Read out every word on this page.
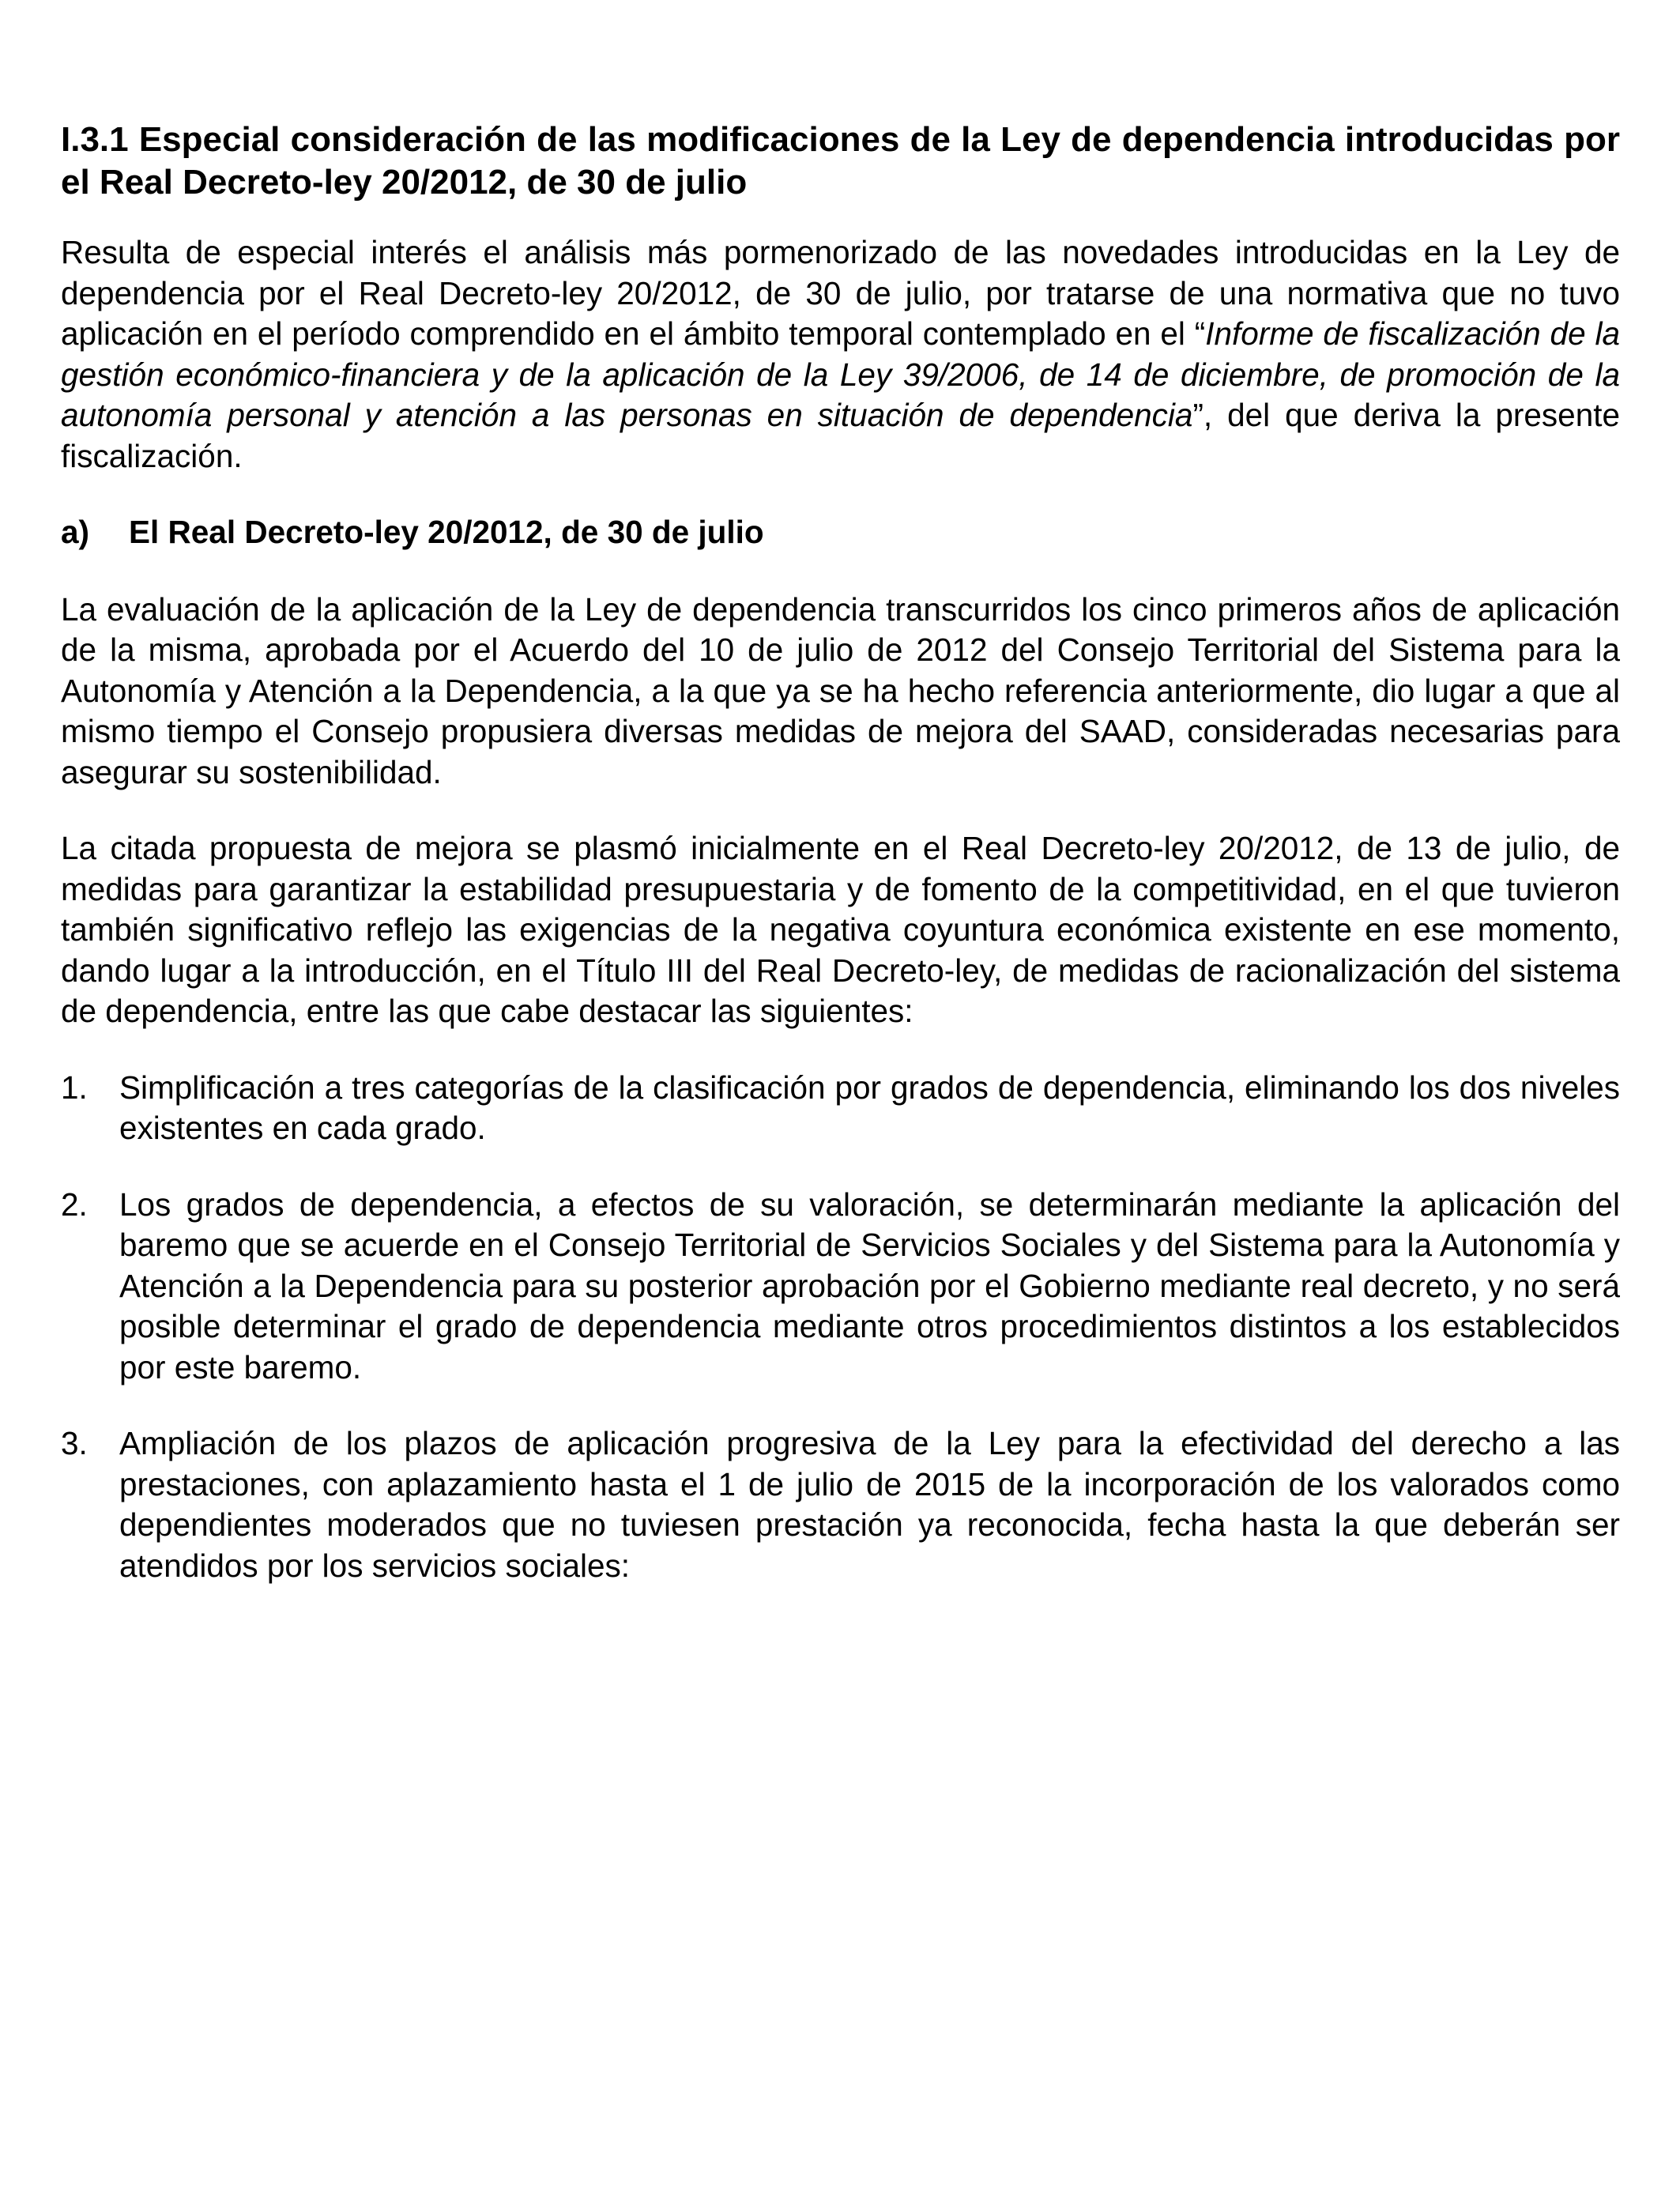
I.3.1 Especial consideración de las modificaciones de la Ley de dependencia introducidas por el Real Decreto-ley 20/2012, de 30 de julio

Resulta de especial interés el análisis más pormenorizado de las novedades introducidas en la Ley de dependencia por el Real Decreto-ley 20/2012, de 30 de julio, por tratarse de una normativa que no tuvo aplicación en el período comprendido en el ámbito temporal contemplado en el “Informe de fiscalización de la gestión económico-financiera y de la aplicación de la Ley 39/2006, de 14 de diciembre, de promoción de la autonomía personal y atención a las personas en situación de dependencia”, del que deriva la presente fiscalización.

a) El Real Decreto-ley 20/2012, de 30 de julio

La evaluación de la aplicación de la Ley de dependencia transcurridos los cinco primeros años de aplicación de la misma, aprobada por el Acuerdo del 10 de julio de 2012 del Consejo Territorial del Sistema para la Autonomía y Atención a la Dependencia, a la que ya se ha hecho referencia anteriormente, dio lugar a que al mismo tiempo el Consejo propusiera diversas medidas de mejora del SAAD, consideradas necesarias para asegurar su sostenibilidad.

La citada propuesta de mejora se plasmó inicialmente en el Real Decreto-ley 20/2012, de 13 de julio, de medidas para garantizar la estabilidad presupuestaria y de fomento de la competitividad, en el que tuvieron también significativo reflejo las exigencias de la negativa coyuntura económica existente en ese momento, dando lugar a la introducción, en el Título III del Real Decreto-ley, de medidas de racionalización del sistema de dependencia, entre las que cabe destacar las siguientes:

1. Simplificación a tres categorías de la clasificación por grados de dependencia, eliminando los dos niveles existentes en cada grado.
2. Los grados de dependencia, a efectos de su valoración, se determinarán mediante la aplicación del baremo que se acuerde en el Consejo Territorial de Servicios Sociales y del Sistema para la Autonomía y Atención a la Dependencia para su posterior aprobación por el Gobierno mediante real decreto, y no será posible determinar el grado de dependencia mediante otros procedimientos distintos a los establecidos por este baremo.
3. Ampliación de los plazos de aplicación progresiva de la Ley para la efectividad del derecho a las prestaciones, con aplazamiento hasta el 1 de julio de 2015 de la incorporación de los valorados como dependientes moderados que no tuviesen prestación ya reconocida, fecha hasta la que deberán ser atendidos por los servicios sociales:
